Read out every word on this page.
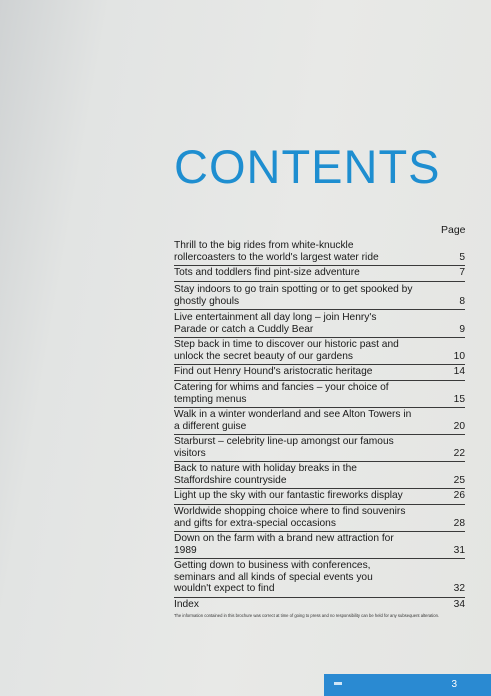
CONTENTS
Page
Thrill to the big rides from white-knuckle rollercoasters to the world's largest water ride	5
Tots and toddlers find pint-size adventure	7
Stay indoors to go train spotting or to get spooked by ghostly ghouls	8
Live entertainment all day long – join Henry's Parade or catch a Cuddly Bear	9
Step back in time to discover our historic past and unlock the secret beauty of our gardens	10
Find out Henry Hound's aristocratic heritage	14
Catering for whims and fancies – your choice of tempting menus	15
Walk in a winter wonderland and see Alton Towers in a different guise	20
Starburst – celebrity line-up amongst our famous visitors	22
Back to nature with holiday breaks in the Staffordshire countryside	25
Light up the sky with our fantastic fireworks display	26
Worldwide shopping choice where to find souvenirs and gifts for extra-special occasions	28
Down on the farm with a brand new attraction for 1989	31
Getting down to business with conferences, seminars and all kinds of special events you wouldn't expect to find	32
Index	34
The information contained in this brochure was correct at time of going to press and no responsibility can be held for any subsequent alteration.
3
